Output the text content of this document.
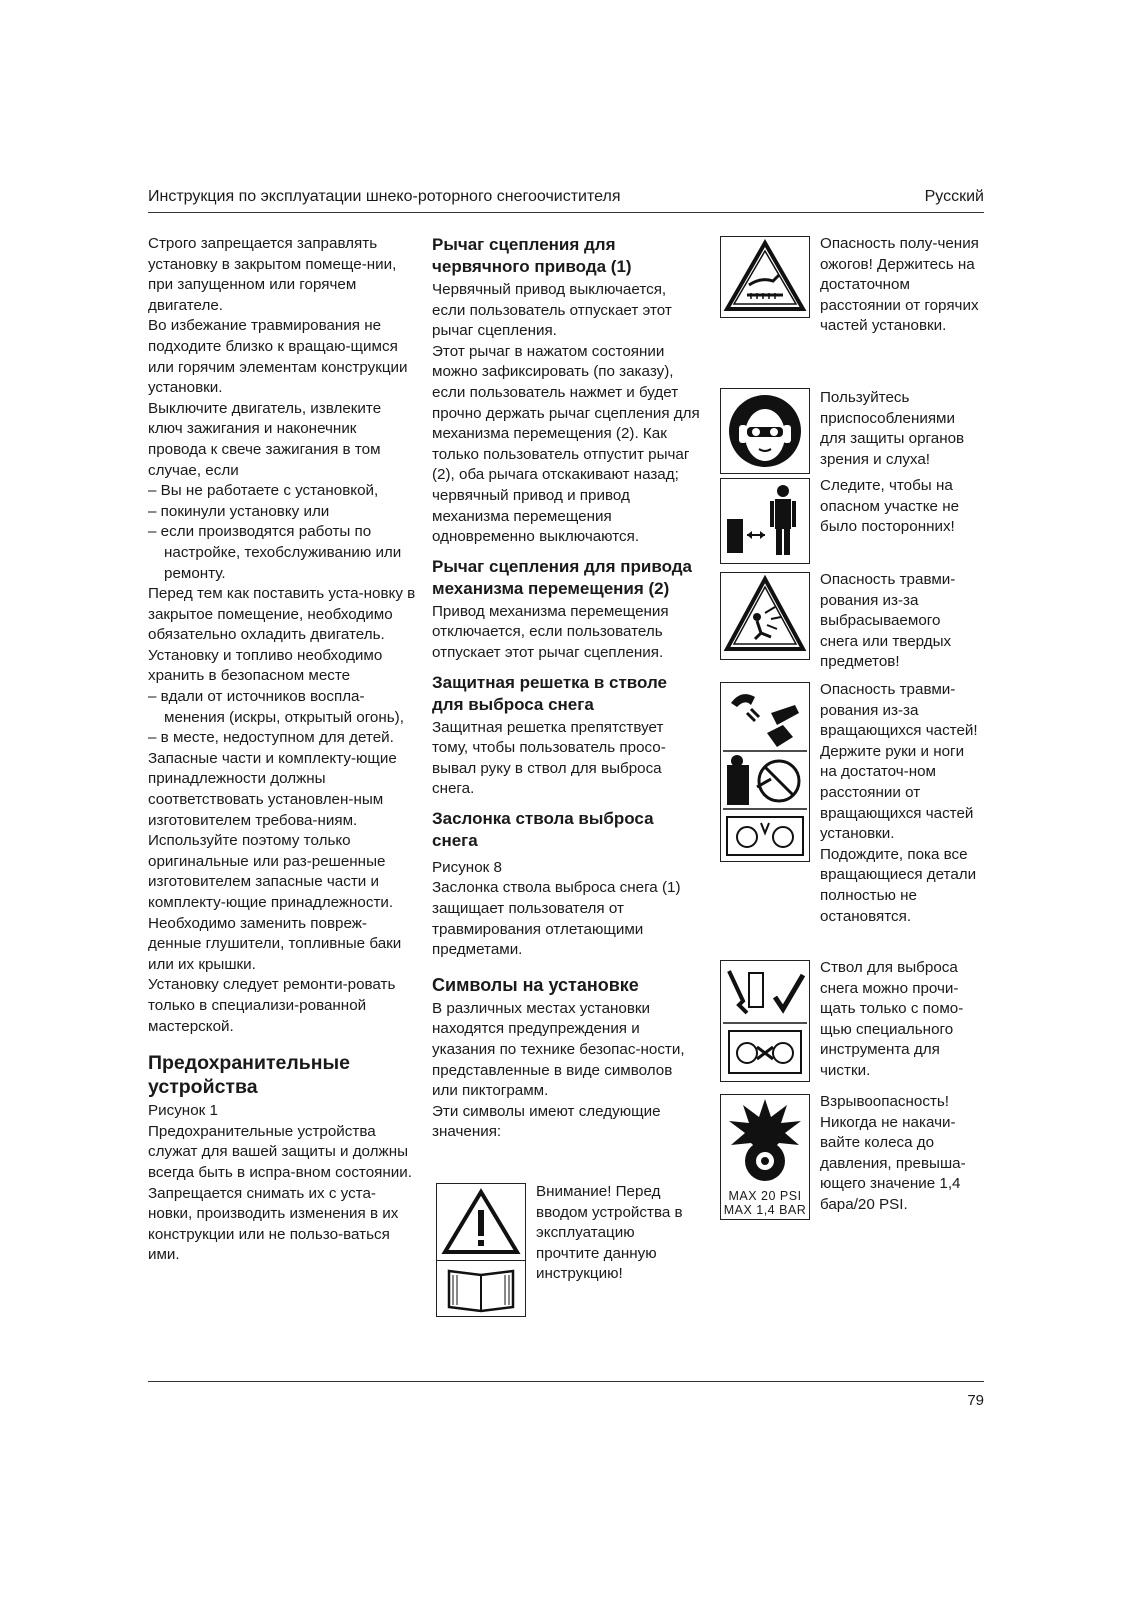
Инструкция по эксплуатации шнеко-роторного снегоочистителя	Русский

Строго запрещается заправлять установку в закрытом помеще-нии, при запущенном или горячем двигателе.

Во избежание травмирования не подходите близко к вращаю-щимся или горячим элементам конструкции установки.

Выключите двигатель, извлеките ключ зажигания и наконечник провода к свече зажигания в том случае, если

– Вы не работаете с установкой,

– покинули установку или

– если производятся работы по настройке, техобслуживанию или ремонту.

Перед тем как поставить уста-новку в закрытое помещение, необходимо обязательно охладить двигатель.

Установку и топливо необходимо хранить в безопасном месте

– вдали от источников воспла-менения (искры, открытый огонь),

– в месте, недоступном для детей.

Запасные части и комплекту-ющие принадлежности должны соответствовать установлен-ным изготовителем требова-ниям. Используйте поэтому только оригинальные или раз-решенные изготовителем запасные части и комплекту-ющие принадлежности.

Необходимо заменить повреж-денные глушители, топливные баки или их крышки.

Установку следует ремонти-ровать только в специализи-рованной мастерской.

Предохранительные устройства

Рисунок 1

Предохранительные устройства служат для вашей защиты и должны всегда быть в испра-вном состоянии.

Запрещается снимать их с уста-новки, производить изменения в их конструкции или не пользо-ваться ими.

Рычаг сцепления для червячного привода (1)

Червячный привод выключается, если пользователь отпускает этот рычаг сцепления.

Этот рычаг в нажатом состоянии можно зафиксировать (по заказу), если пользователь нажмет и будет прочно держать рычаг сцепления для механизма перемещения (2). Как только пользователь отпустит рычаг (2), оба рычага отскакивают назад; червячный привод и привод механизма перемещения одновременно выключаются.

Рычаг сцепления для привода механизма перемещения (2)

Привод механизма перемещения отключается, если пользователь отпускает этот рычаг сцепления.

Защитная решетка в стволе для выброса снега

Защитная решетка препятствует тому, чтобы пользователь просо-вывал руку в ствол для выброса снега.

Заслонка ствола выброса снега

Рисунок 8

Заслонка ствола выброса снега (1) защищает пользователя от травмирования отлетающими предметами.

Символы на установке

В различных местах установки находятся предупреждения и указания по технике безопас-ности, представленные в виде символов или пиктограмм.

Эти символы имеют следующие значения:

Внимание! Перед вводом устройства в эксплуатацию прочтите данную инструкцию!
Опасность полу-чения ожогов! Держитесь на достаточном расстоянии от горячих частей установки.
Пользуйтесь приспособлениями для защиты органов зрения и слуха!
Следите, чтобы на опасном участке не было посторонних!
Опасность травми-рования из-за выбрасываемого снега или твердых предметов!
Опасность травми-рования из-за вращающихся частей! Держите руки и ноги на достаточ-ном расстоянии от вращающихся частей установки. Подождите, пока все вращающиеся детали полностью не остановятся.
Ствол для выброса снега можно прочи-щать только с помо-щью специального инструмента для чистки.
MAX 20 PSI
MAX 1,4 BAR
Взрывоопасность! Никогда не накачи-вайте колеса до давления, превыша-ющего значение 1,4 бара/20 PSI.
79
